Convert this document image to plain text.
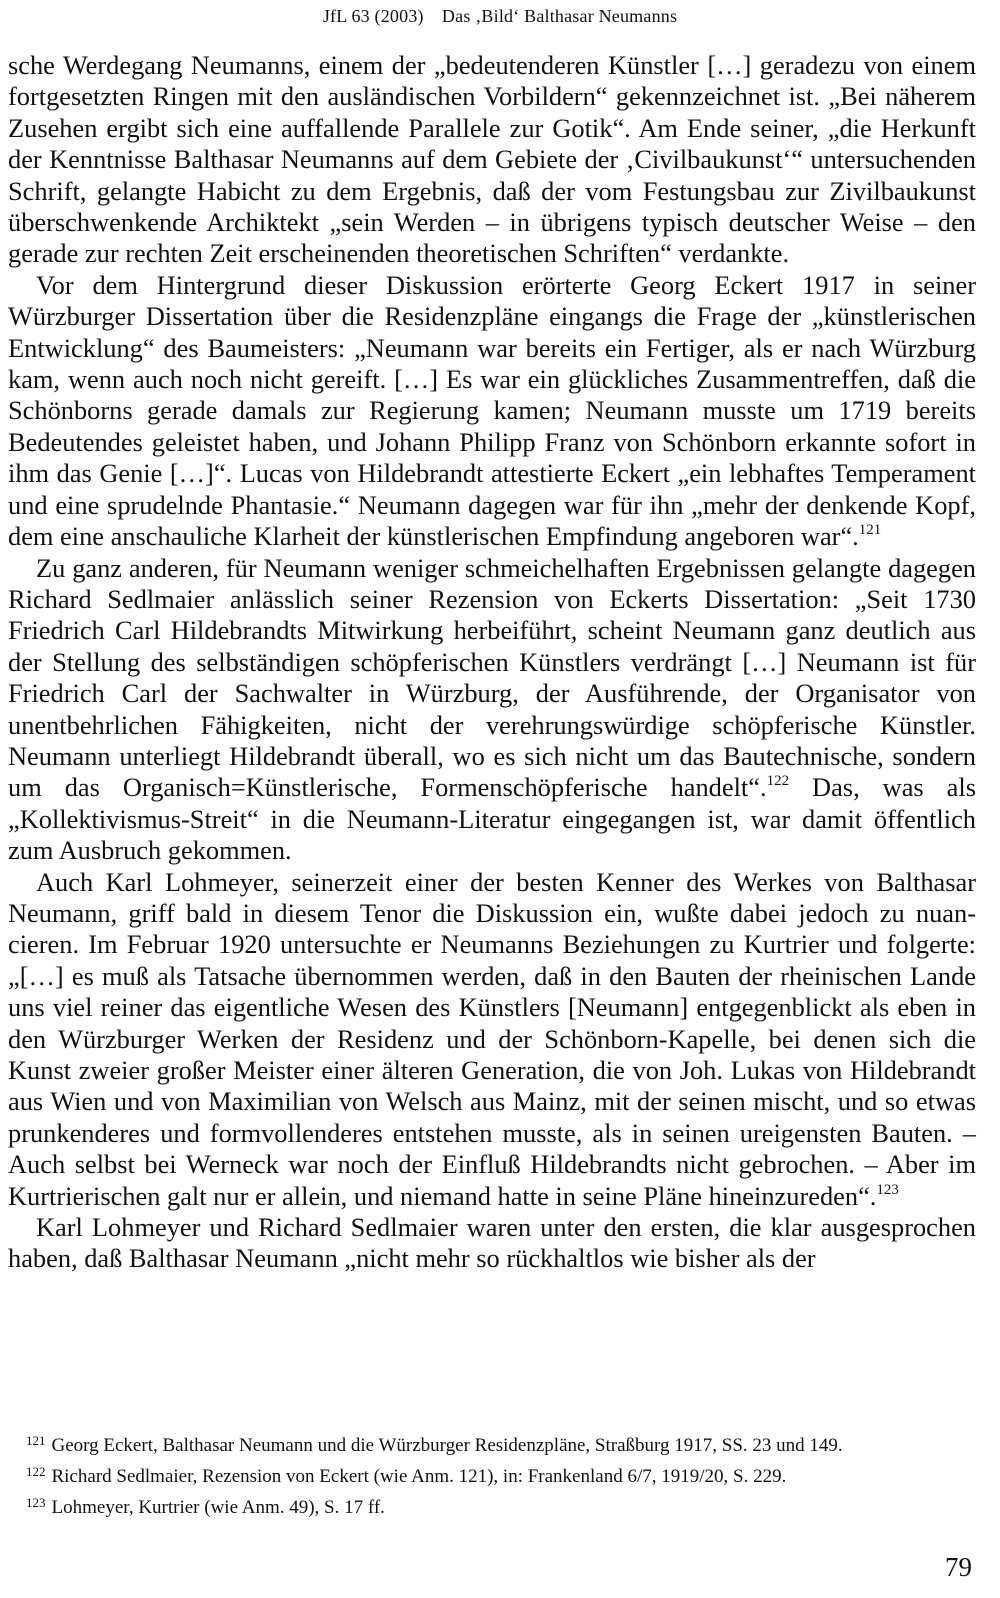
JfL 63 (2003) Das ‚Bild‘ Balthasar Neumanns

sche Werdegang Neumanns, einem der „bedeutenderen Künstler […] geradezu von einem fortgesetzten Ringen mit den ausländischen Vorbildern“ gekennzeichnet ist. „Bei näherem Zusehen ergibt sich eine auffallende Parallele zur Gotik“. Am Ende seiner, „die Herkunft der Kenntnisse Balthasar Neumanns auf dem Gebiete der ‚Civilbaukunst‘“ untersuchenden Schrift, gelangte Habicht zu dem Ergebnis, daß der vom Festungsbau zur Zivilbaukunst überschwenkende Archiktekt „sein Werden – in übrigens typisch deutscher Weise – den gerade zur rechten Zeit erscheinenden theoretischen Schriften“ verdankte.

Vor dem Hintergrund dieser Diskussion erörterte Georg Eckert 1917 in seiner Würzburger Dissertation über die Residenzpläne eingangs die Frage der „künstlerischen Entwicklung“ des Baumeisters: „Neumann war bereits ein Fertiger, als er nach Würzburg kam, wenn auch noch nicht gereift. […] Es war ein glückliches Zusammentreffen, daß die Schönborns gerade damals zur Regierung kamen; Neumann musste um 1719 bereits Bedeutendes geleistet haben, und Johann Philipp Franz von Schönborn erkannte sofort in ihm das Genie […]“. Lucas von Hildebrandt attestierte Eckert „ein lebhaftes Temperament und eine sprudelnde Phantasie.“ Neumann dagegen war für ihn „mehr der denkende Kopf, dem eine anschauliche Klarheit der künstlerischen Empfindung angeboren war“.$^{121}$

Zu ganz anderen, für Neumann weniger schmeichelhaften Ergebnissen gelangte dagegen Richard Sedlmaier anlässlich seiner Rezension von Eckerts Dissertation: „Seit 1730 Friedrich Carl Hildebrandts Mitwirkung herbeiführt, scheint Neumann ganz deutlich aus der Stellung des selbständigen schöpferischen Künstlers verdrängt […] Neumann ist für Friedrich Carl der Sachwalter in Würzburg, der Ausführende, der Organisator von unentbehrlichen Fähigkeiten, nicht der verehrungswürdige schöpferische Künstler. Neumann unterliegt Hildebrandt überall, wo es sich nicht um das Bautechnische, sondern um das Organisch=Künstlerische, Formenschöpferische handelt“.$^{122}$ Das, was als „Kollektivismus-Streit“ in die Neumann-Literatur eingegangen ist, war damit öffentlich zum Ausbruch gekommen.

Auch Karl Lohmeyer, seinerzeit einer der besten Kenner des Werkes von Balthasar Neumann, griff bald in diesem Tenor die Diskussion ein, wußte dabei jedoch zu nuancieren. Im Februar 1920 untersuchte er Neumanns Beziehungen zu Kurtrier und folgerte: „[…] es muß als Tatsache übernommen werden, daß in den Bauten der rheinischen Lande uns viel reiner das eigentliche Wesen des Künstlers [Neumann] entgegenblickt als eben in den Würzburger Werken der Residenz und der Schönborn-Kapelle, bei denen sich die Kunst zweier großer Meister einer älteren Generation, die von Joh. Lukas von Hildebrandt aus Wien und von Maximilian von Welsch aus Mainz, mit der seinen mischt, und so etwas prunkenderes und formvollenderes entstehen musste, als in seinen ureigensten Bauten. – Auch selbst bei Werneck war noch der Einfluß Hildebrandts nicht gebrochen. – Aber im Kurtrierischen galt nur er allein, und niemand hatte in seine Pläne hineinzureden“.$^{123}$

Karl Lohmeyer und Richard Sedlmaier waren unter den ersten, die klar ausgesprochen haben, daß Balthasar Neumann „nicht mehr so rückhaltlos wie bisher als der

$^{121}$ Georg Eckert, Balthasar Neumann und die Würzburger Residenzpläne, Straßburg 1917, SS. 23 und 149.

$^{122}$ Richard Sedlmaier, Rezension von Eckert (wie Anm. 121), in: Frankenland 6/7, 1919/20, S. 229.

$^{123}$ Lohmeyer, Kurtrier (wie Anm. 49), S. 17 ff.

79
